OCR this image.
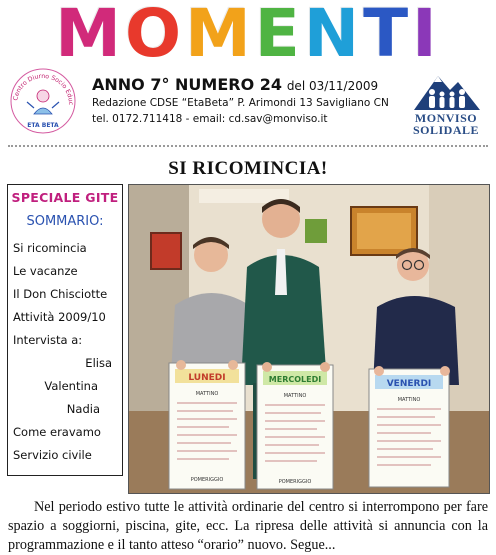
MOMENTI
Centro Diurno Socio Educ
ETA BETA
ANNO 7° NUMERO 24 del 03/11/2009
Redazione CDSE “EtaBeta” P. Arimondi 13 Savigliano CN
tel. 0172.711418 - email: cd.sav@monviso.it	MONVISO
SOLIDALE
SI RICOMINCIA!
SPECIALE GITE
SOMMARIO:
Si ricomincia
Le vacanze
Il Don Chisciotte
Attività 2009/10
Intervista a:
Elisa
Valentina
Nadia
Come eravamo
Servizio civile
LUNEDI
MATTINO
POMERIGGIO
MERCOLEDI
MATTINO
POMERIGGIO
VENERDI
MATTINO
Nel periodo estivo tutte le attività ordinarie del centro si interrompono per fare spazio a soggiorni, piscina, gite, ecc. La ripresa delle attività si annuncia con la programmazione e il tanto atteso “orario” nuovo. Segue...
